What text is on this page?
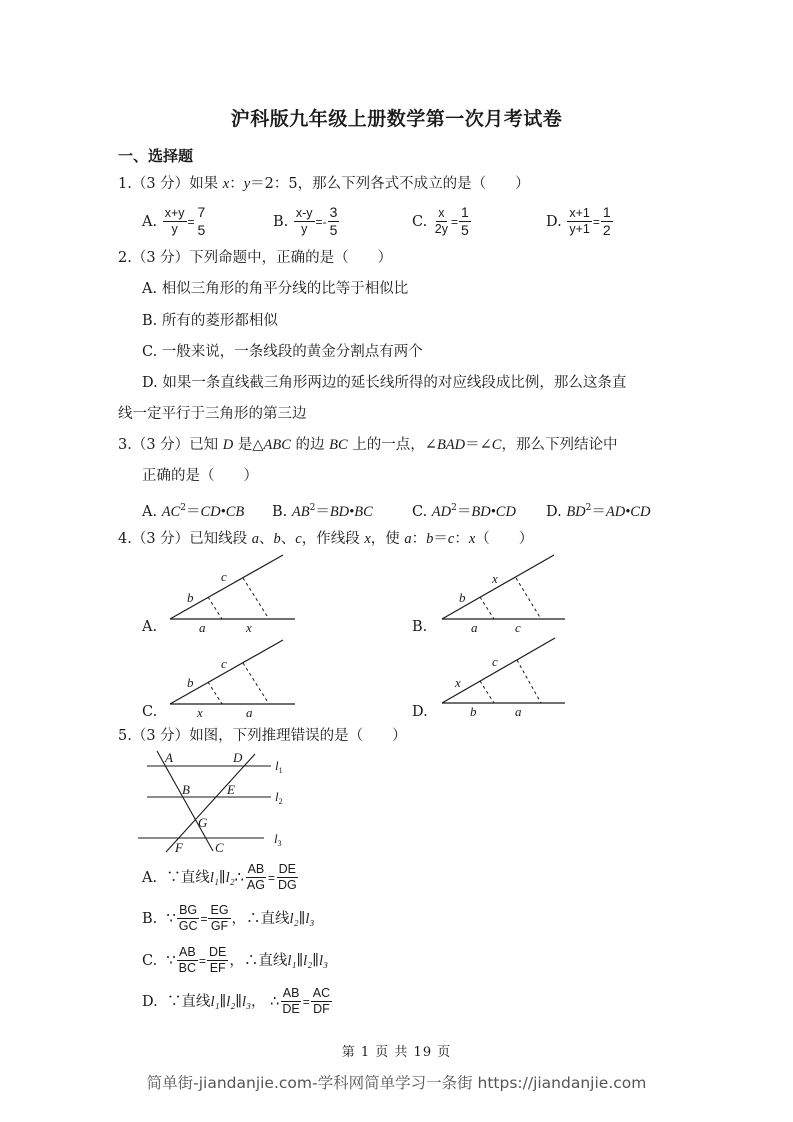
沪科版九年级上册数学第一次月考试卷
一、选择题
1.（3 分）如果 x：y＝2：5，那么下列各式不成立的是（　　）
A.
$\frac{x+y}{y} = \frac{7}{5}$	B.
$\frac{x-y}{y}$ = - $\frac{3}{5}$	C.
$\frac{x}{2y} = \frac{1}{5}$	D.
$\frac{x+1}{y+1} = \frac{1}{2}$
2.（3 分）下列命题中，正确的是（　　）
A. 相似三角形的角平分线的比等于相似比
B. 所有的菱形都相似
C. 一般来说，一条线段的黄金分割点有两个
D. 如果一条直线截三角形两边的延长线所得的对应线段成比例，那么这条直
线一定平行于三角形的第三边
3.（3 分）已知 D 是△ABC 的边 BC 上的一点，∠BAD＝∠C，那么下列结论中
正确的是（　　）
A. $AC^2=CD•CB$ B. $AB^2=BD•BC$	C. $AD^2=BD•CD$ D. $BD^2=AD•CD$
4.（3 分）已知线段 a、b、c，作线段 x，使 a：b＝c：x（　　）
A.
b
c
a	x	B.
b
x
a	c
C.
b
c
x	a	D.
x
c
b	a
5.（3 分）如图，下列推理错误的是（　　）
A	D
B	E
G
F C
$l_1$
$l_2$
$l_3$
A.
∵直线 l₁∥l₂ ∴ $\frac{AB}{AG} = \frac{DE}{DG}$
B.
∵ $\frac{BG}{GC} = \frac{EG}{GF}$ ， ∴直线 l₂∥l₃
C.
∵ $\frac{AB}{BC} = \frac{DE}{EF}$ ， ∴直线 l₁∥l₂∥l₃
D.
∵直线 l₁∥l₂∥l₃ ，
∴ $\frac{AB}{DE} = \frac{AC}{DF}$
第 1 页 共 19 页
简单街-jiandanjie.com-学科网简单学习一条街 https://jiandanjie.com
